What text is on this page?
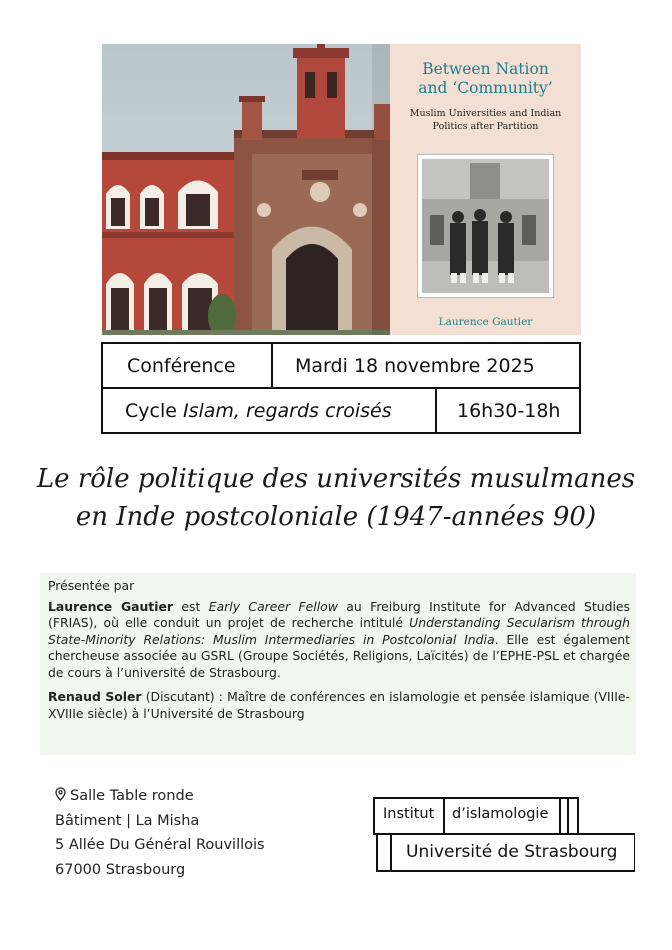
Between Nation
and ‘Community’
Muslim Universities and Indian
Politics after Partition
Laurence Gautier
Conférence	Mardi 18 novembre 2025
Cycle Islam, regards croisés	16h30-18h
Le rôle politique des universités musulmanes
en Inde postcoloniale (1947-années 90)

Présentée par

Laurence Gautier est Early Career Fellow au Freiburg Institute for Advanced Studies (FRIAS), où elle conduit un projet de recherche intitulé Understanding Secularism through State-Minority Relations: Muslim Intermediaries in Postcolonial India. Elle est également chercheuse associée au GSRL (Groupe Sociétés, Religions, Laïcités) de l’EPHE-PSL et chargée de cours à l’université de Strasbourg.

Renaud Soler (Discutant) : Maître de conférences en islamologie et pensée islamique (VIIIe-XVIIIe siècle) à l’Université de Strasbourg

Salle Table ronde
Bâtiment | La Misha
5 Allée Du Général Rouvillois
67000 Strasbourg
Institut d’islamologie
Université de Strasbourg
